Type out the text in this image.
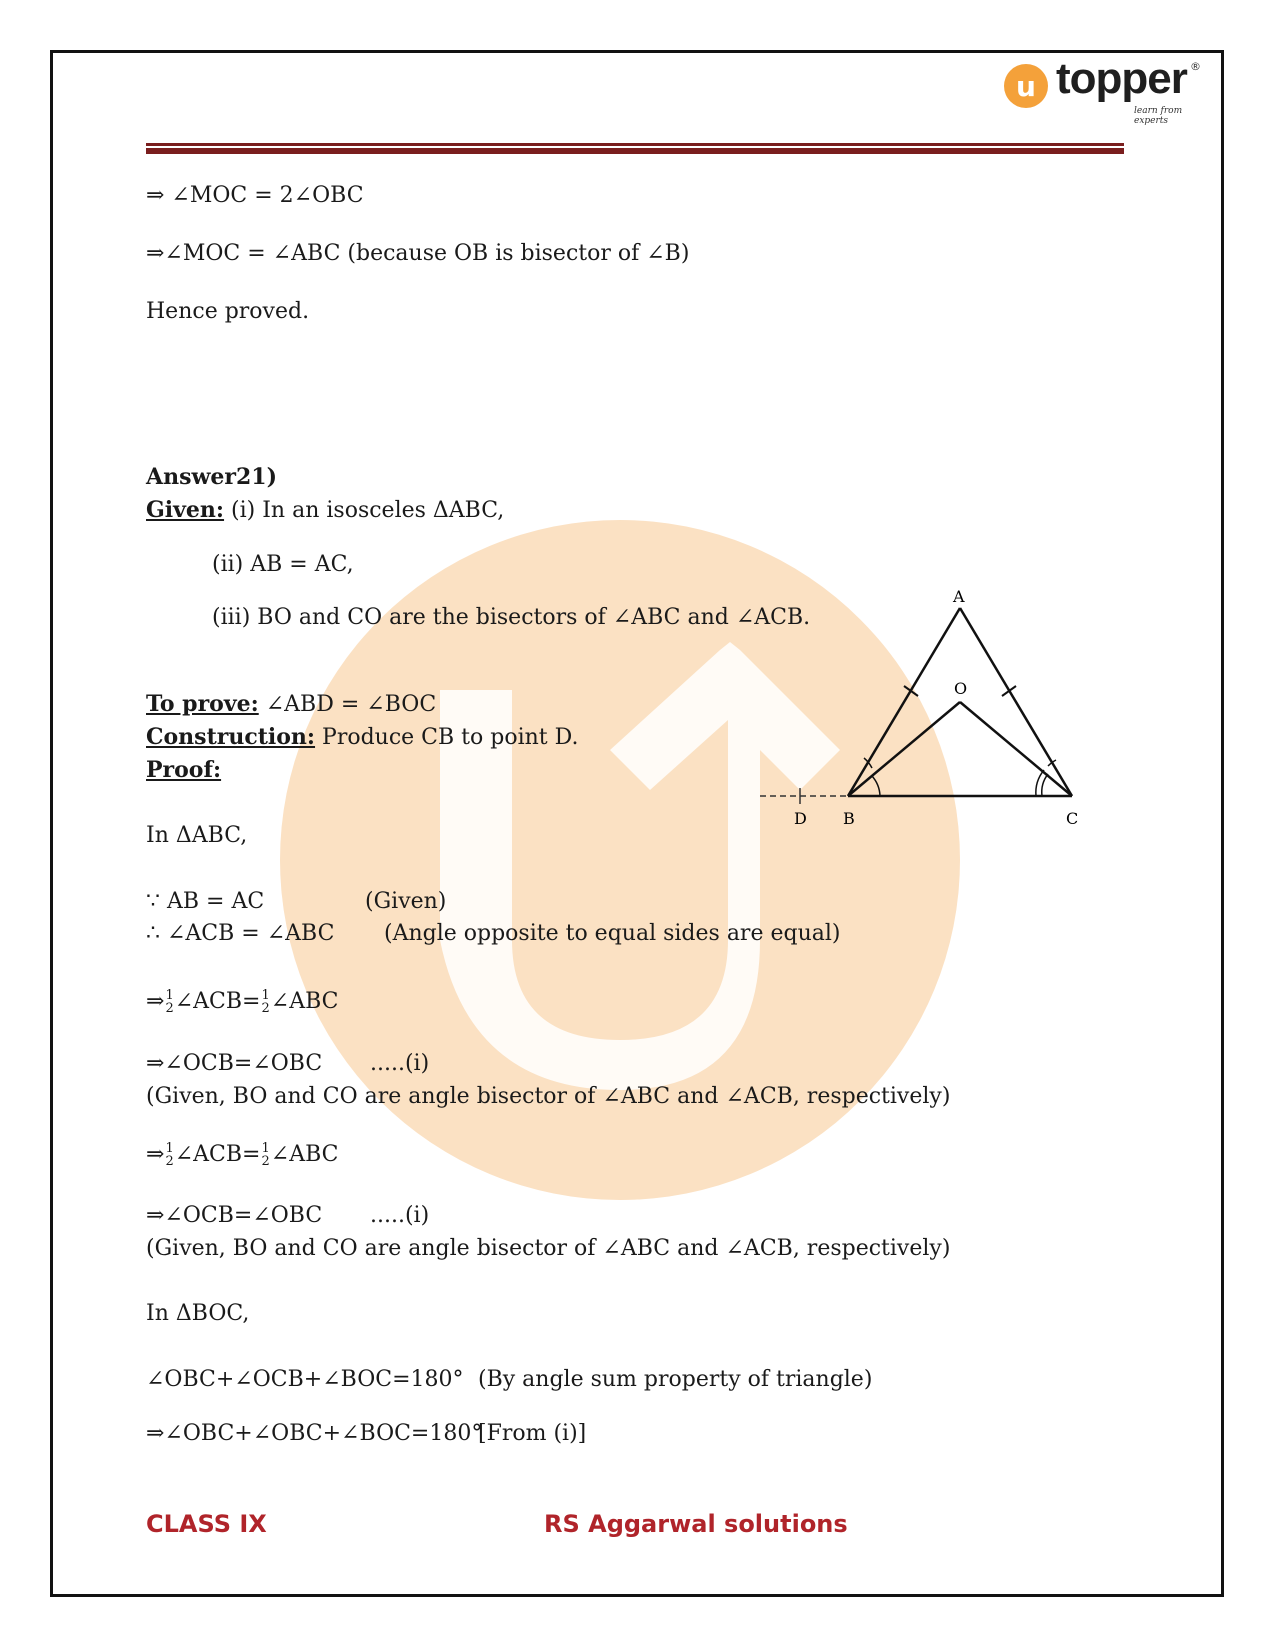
u topper ®
learn from experts
⇒ ∠MOC = 2∠OBC
⇒∠MOC = ∠ABC (because OB is bisector of ∠B)
Hence proved.
Answer21)
Given: (i) In an isosceles ΔABC,
(ii) AB = AC,
(iii) BO and CO are the bisectors of ∠ABC and ∠ACB.
To prove: ∠ABD = ∠BOC
Construction: Produce CB to point D.
Proof:
In ΔABC,
∵ AB = AC	(Given)
∴ ∠ACB = ∠ABC (Angle opposite to equal sides are equal)
⇒ 1
2 ∠ACB= 1
2 ∠ABC
⇒∠OCB=∠OBC .....(i)
(Given, BO and CO are angle bisector of ∠ABC and ∠ACB, respectively)
⇒ 1
2 ∠ACB= 1
2 ∠ABC
⇒∠OCB=∠OBC .....(i)
(Given, BO and CO are angle bisector of ∠ABC and ∠ACB, respectively)
In ΔBOC,
∠OBC+∠OCB+∠BOC=180° (By angle sum property of triangle)
⇒∠OBC+∠OBC+∠BOC=180°
[From (i)]
A
O
D B	C
CLASS IX	RS Aggarwal solutions
